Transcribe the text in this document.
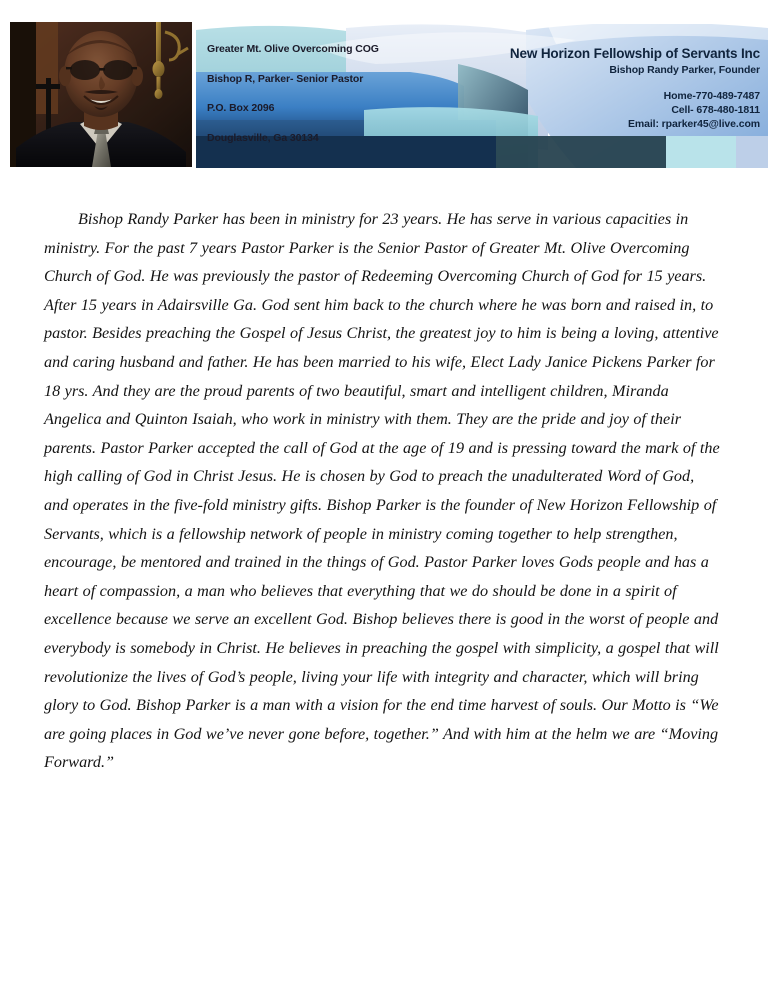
Greater Mt. Olive Overcoming COG
Bishop R, Parker- Senior Pastor
P.O. Box 2096
Douglasville, Ga 30134
New Horizon Fellowship of Servants Inc
Bishop Randy Parker, Founder
Home-770-489-7487
Cell- 678-480-1811
Email: rparker45@live.com
Bishop Randy Parker has been in ministry for 23 years. He has serve in various capacities in ministry. For the past 7 years Pastor Parker is the Senior Pastor of Greater Mt. Olive Overcoming Church of God. He was previously the pastor of Redeeming Overcoming Church of God for 15 years. After 15 years in Adairsville Ga. God sent him back to the church where he was born and raised in, to pastor. Besides preaching the Gospel of Jesus Christ, the greatest joy to him is being a loving, attentive and caring husband and father. He has been married to his wife, Elect Lady Janice Pickens Parker for 18 yrs. And they are the proud parents of two beautiful, smart and intelligent children, Miranda Angelica and Quinton Isaiah, who work in ministry with them. They are the pride and joy of their parents. Pastor Parker accepted the call of God at the age of 19 and is pressing toward the mark of the high calling of God in Christ Jesus. He is chosen by God to preach the unadulterated Word of God, and operates in the five-fold ministry gifts. Bishop Parker is the founder of New Horizon Fellowship of Servants, which is a fellowship network of people in ministry coming together to help strengthen, encourage, be mentored and trained in the things of God. Pastor Parker loves Gods people and has a heart of compassion, a man who believes that everything that we do should be done in a spirit of excellence because we serve an excellent God. Bishop believes there is good in the worst of people and everybody is somebody in Christ. He believes in preaching the gospel with simplicity, a gospel that will revolutionize the lives of God’s people, living your life with integrity and character, which will bring glory to God. Bishop Parker is a man with a vision for the end time harvest of souls. Our Motto is “We are going places in God we’ve never gone before, together.” And with him at the helm we are “Moving Forward.”
